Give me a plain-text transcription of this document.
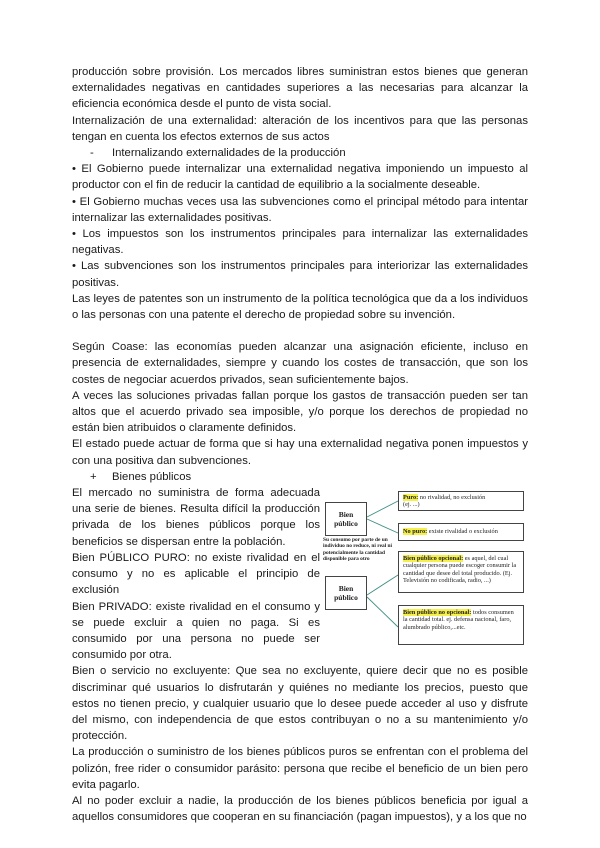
producción sobre provisión. Los mercados libres suministran estos bienes que generan externalidades negativas en cantidades superiores a las necesarias para alcanzar la eficiencia económica desde el punto de vista social.

Internalización de una externalidad: alteración de los incentivos para que las personas tengan en cuenta los efectos externos de sus actos

- Internalizando externalidades de la producción

• El Gobierno puede internalizar una externalidad negativa imponiendo un impuesto al productor con el fin de reducir la cantidad de equilibrio a la socialmente deseable.

• El Gobierno muchas veces usa las subvenciones como el principal método para intentar internalizar las externalidades positivas.

• Los impuestos son los instrumentos principales para internalizar las externalidades negativas.

• Las subvenciones son los instrumentos principales para interiorizar las externalidades positivas.

Las leyes de patentes son un instrumento de la política tecnológica que da a los individuos o las personas con una patente el derecho de propiedad sobre su invención.

Según Coase: las economías pueden alcanzar una asignación eficiente, incluso en presencia de externalidades, siempre y cuando los costes de transacción, que son los costes de negociar acuerdos privados, sean suficientemente bajos.

A veces las soluciones privadas fallan porque los gastos de transacción pueden ser tan altos que el acuerdo privado sea imposible, y/o porque los derechos de propiedad no están bien atribuidos o claramente definidos.

El estado puede actuar de forma que si hay una externalidad negativa ponen impuestos y con una positiva dan subvenciones.

+ Bienes públicos

El mercado no suministra de forma adecuada una serie de bienes. Resulta difícil la producción privada de los bienes públicos porque los beneficios se dispersan entre la población.

Bien PÚBLICO PURO: no existe rivalidad en el consumo y no es aplicable el principio de exclusión

Bien PRIVADO: existe rivalidad en el consumo y se puede excluir a quien no paga. Si es consumido por una persona no puede ser consumido por otra.

Bien público
Puro: no rivalidad, no exclusión
(ej. ...)
No puro: existe rivalidad o exclusión
Su consumo por parte de un individuo no reduce, ni real ni potencialmente la cantidad disponible para otro
Bien público
Bien público opcional: es aquel, del cual cualquier persona puede escoger consumir la cantidad que desee del total producido. (Ej. Televisión no codificada, radio, ...)
Bien público no opcional: todos consumen la cantidad total. ej. defensa nacional, faro, alumbrado público,...etc.

Bien o servicio no excluyente: Que sea no excluyente, quiere decir que no es posible discriminar qué usuarios lo disfrutarán y quiénes no mediante los precios, puesto que estos no tienen precio, y cualquier usuario que lo desee puede acceder al uso y disfrute del mismo, con independencia de que estos contribuyan o no a su mantenimiento y/o protección.

La producción o suministro de los bienes públicos puros se enfrentan con el problema del polizón, free rider o consumidor parásito: persona que recibe el beneficio de un bien pero evita pagarlo.

Al no poder excluir a nadie, la producción de los bienes públicos beneficia por igual a aquellos consumidores que cooperan en su financiación (pagan impuestos), y a los que no
